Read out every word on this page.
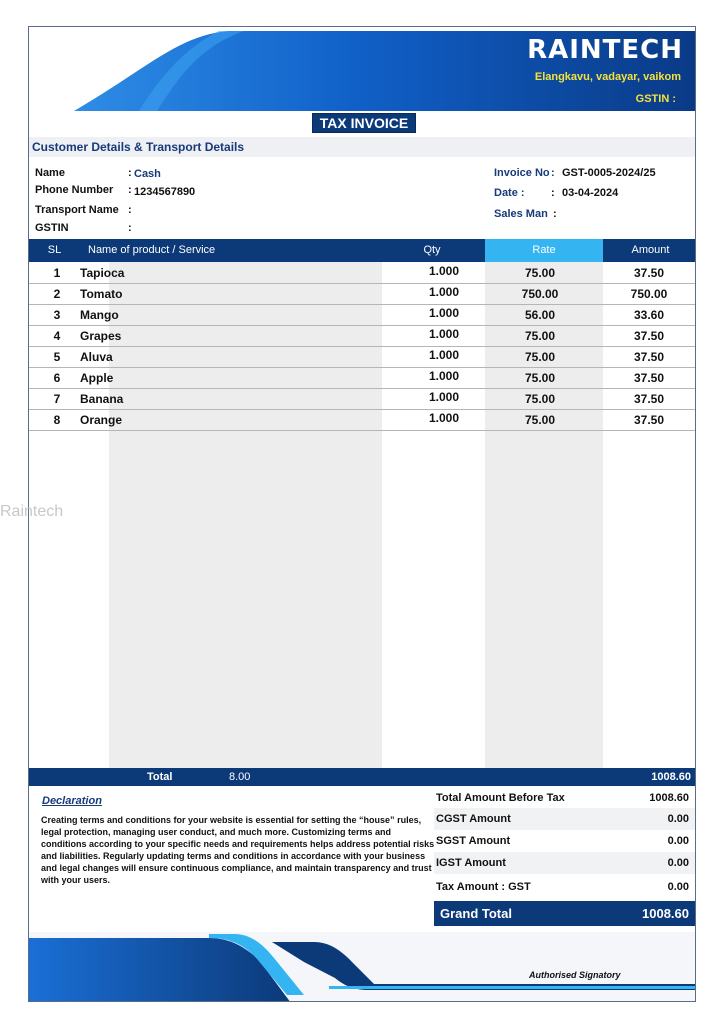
RAINTECH
Elangkavu, vadayar, vaikom
GSTIN :
TAX INVOICE
Customer Details & Transport Details
Name	: Cash
Phone Number : 1234567890
Transport Name :
GSTIN	:
Invoice No : GST-0005-2024/25
Date : : 03-04-2024
Sales Man :
SL	Name of product / Service	Qty	Rate	Amount
1	Tapioca	1.000	75.00	37.50
2	Tomato	1.000	750.00	750.00
3	Mango	1.000	56.00	33.60
4	Grapes	1.000	75.00	37.50
5	Aluva	1.000	75.00	37.50
6	Apple	1.000	75.00	37.50
7	Banana	1.000	75.00	37.50
8	Orange	1.000	75.00	37.50
Total	8.00	1008.60
Declaration
Creating terms and conditions for your website is essential for setting the “house” rules, legal protection, managing user conduct, and much more. Customizing terms and conditions according to your specific needs and requirements helps address potential risks and liabilities. Regularly updating terms and conditions in accordance with your business and legal changes will ensure continuous compliance, and maintain transparency and trust with your users.
Total Amount Before Tax	1008.60
CGST Amount	0.00
SGST Amount	0.00
IGST Amount	0.00
Tax Amount : GST	0.00
Grand Total	1008.60
Authorised Signatory
Raintech
